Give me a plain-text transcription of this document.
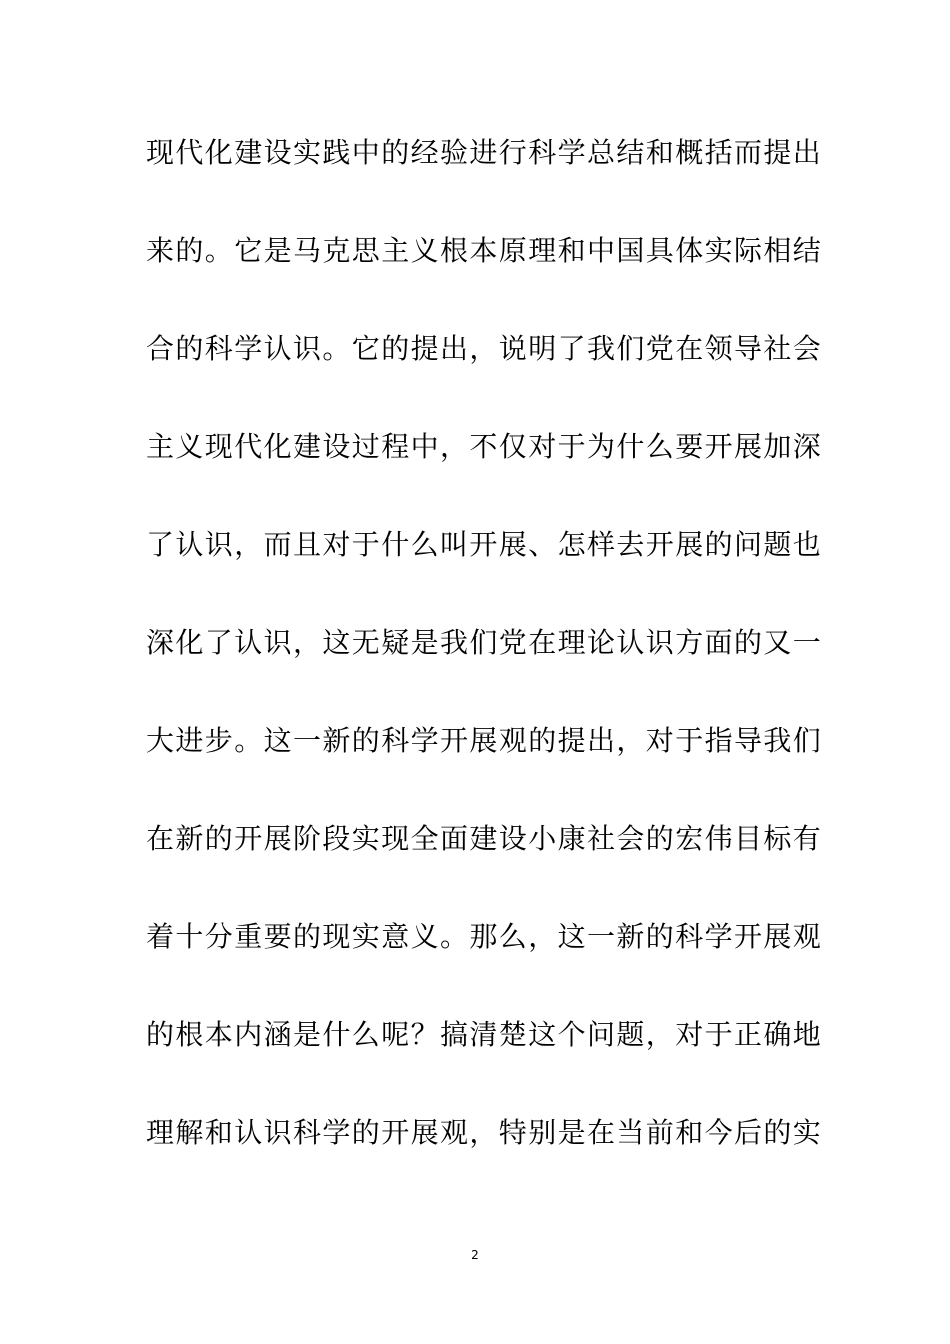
现代化建设实践中的经验进行科学总结和概括而提出
来的。它是马克思主义根本原理和中国具体实际相结
合的科学认识。它的提出，说明了我们党在领导社会
主义现代化建设过程中，不仅对于为什么要开展加深
了认识，而且对于什么叫开展、怎样去开展的问题也
深化了认识，这无疑是我们党在理论认识方面的又一
大进步。这一新的科学开展观的提出，对于指导我们
在新的开展阶段实现全面建设小康社会的宏伟目标有
着十分重要的现实意义。那么，这一新的科学开展观
的根本内涵是什么呢？搞清楚这个问题，对于正确地
理解和认识科学的开展观，特别是在当前和今后的实
2
